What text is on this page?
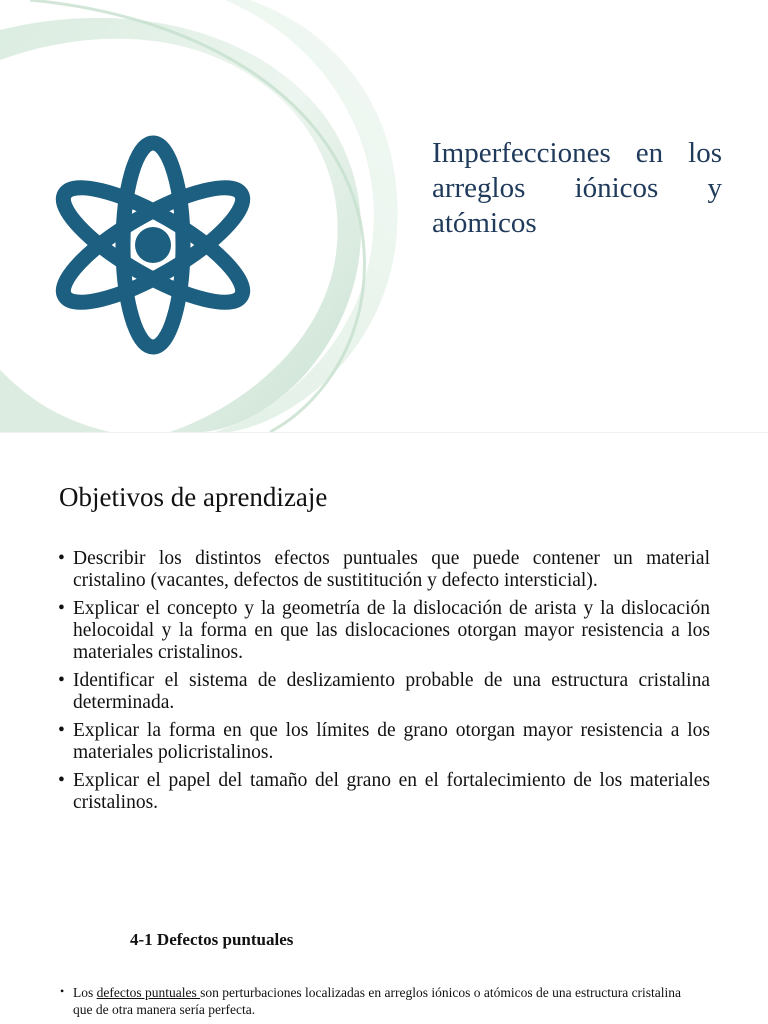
Imperfecciones en los arreglos iónicos y atómicos
Objetivos de aprendizaje
• Describir los distintos efectos puntuales que puede contener un material cristalino (vacantes, defectos de sustititución y defecto intersticial).
• Explicar el concepto y la geometría de la dislocación de arista y la dislocación helocoidal y la forma en que las dislocaciones otorgan mayor resistencia a los materiales cristalinos.
• Identificar el sistema de deslizamiento probable de una estructura cristalina determinada.
• Explicar la forma en que los límites de grano otorgan mayor resistencia a los materiales policristalinos.
• Explicar el papel del tamaño del grano en el fortalecimiento de los materiales cristalinos.
4-1 Defectos puntuales

• Los defectos puntuales son perturbaciones localizadas en arreglos iónicos o atómicos de una estructura cristalina que de otra manera sería perfecta.
